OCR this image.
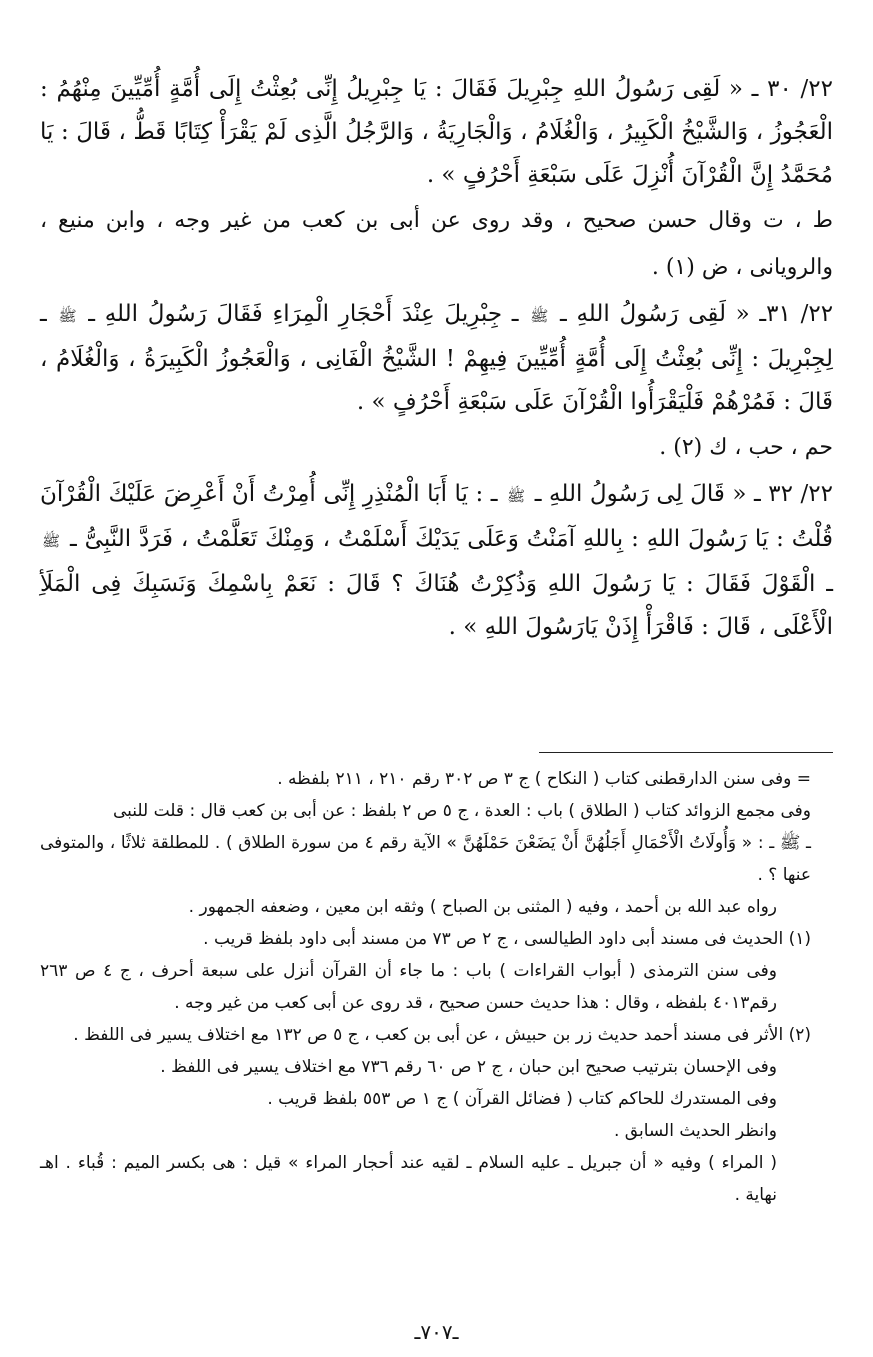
٢٢/ ٣٠ ـ « لَقِى رَسُولُ اللهِ جِبْرِيلَ فَقَالَ : يَا جِبْرِيلُ إِنِّى بُعِثْتُ إِلَى أُمَّةٍ أُمِّيِّينَ مِنْهُمُ : الْعَجُوزُ ، وَالشَّيْخُ الْكَبِيرُ ، وَالْغُلَامُ ، وَالْجَارِيَةُ ، وَالرَّجُلُ الَّذِى لَمْ يَقْرَأْ كِتَابًا قَطُّ ، قَالَ : يَا مُحَمَّدُ إِنَّ الْقُرْآنَ أُنْزِلَ عَلَى سَبْعَةِ أَحْرُفٍ » .

ط ، ت وقال حسن صحيح ، وقد روى عن أبى بن كعب من غير وجه ، وابن منيع ،

والرويانى ، ض (١) .

٢٢/ ٣١ـ « لَقِى رَسُولُ اللهِ ـ ﷺ ـ جِبْرِيلَ عِنْدَ أَحْجَارِ الْمِرَاءِ فَقَالَ رَسُولُ اللهِ ـ ﷺ ـ لِجِبْرِيلَ : إِنِّى بُعِثْتُ إِلَى أُمَّةٍ أُمِّيِّينَ فِيهِمْ ! الشَّيْخُ الْفَانِى ، وَالْعَجُوزُ الْكَبِيرَةُ ، وَالْغُلَامُ ، قَالَ : فَمُرْهُمْ فَلْيَقْرَأُوا الْقُرْآنَ عَلَى سَبْعَةِ أَحْرُفٍ » .

حم ، حب ، ك (٢) .

٢٢/ ٣٢ ـ « قَالَ لِى رَسُولُ اللهِ ـ ﷺ ـ : يَا أَبَا الْمُنْذِرِ إِنِّى أُمِرْتُ أَنْ أَعْرِضَ عَلَيْكَ الْقُرْآنَ قُلْتُ : يَا رَسُولَ اللهِ : بِاللهِ آمَنْتُ وَعَلَى يَدَيْكَ أَسْلَمْتُ ، وَمِنْكَ تَعَلَّمْتُ ، فَرَدَّ النَّبِىُّ ـ ﷺ ـ الْقَوْلَ فَقَالَ : يَا رَسُولَ اللهِ وَذُكِرْتُ هُنَاكَ ؟ قَالَ : نَعَمْ بِاسْمِكَ وَنَسَبِكَ فِى الْمَلَأِ الْأَعْلَى ، قَالَ : فَاقْرَأْ إِذَنْ يَارَسُولَ اللهِ » .

= وفى سنن الدارقطنى كتاب ( النكاح ) ج ٣ ص ٣٠٢ رقم ٢١٠ ، ٢١١ بلفظه .

وفى مجمع الزوائد كتاب ( الطلاق ) باب : العدة ، ج ٥ ص ٢ بلفظ : عن أبى بن كعب قال : قلت للنبى

ـ ﷺ ـ : « وَأُولَاتُ الْأَحْمَالِ أَجَلُهُنَّ أَنْ يَضَعْنَ حَمْلَهُنَّ » الآية رقم ٤ من سورة الطلاق ) . للمطلقة ثلاثًا ، والمتوفى عنها ؟ .

رواه عبد الله بن أحمد ، وفيه ( المثنى بن الصباح ) وثقه ابن معين ، وضعفه الجمهور .

(١) الحديث فى مسند أبى داود الطيالسى ، ج ٢ ص ٧٣ من مسند أبى داود بلفظ قريب .

وفى سنن الترمذى ( أبواب القراءات ) باب : ما جاء أن القرآن أنزل على سبعة أحرف ، ج ٤ ص ٢٦٣ رقم٤٠١٣ بلفظه ، وقال : هذا حديث حسن صحيح ، قد روى عن أبى كعب من غير وجه .

(٢) الأثر فى مسند أحمد حديث زر بن حبيش ، عن أبى بن كعب ، ج ٥ ص ١٣٢ مع اختلاف يسير فى اللفظ .

وفى الإحسان بترتيب صحيح ابن حبان ، ج ٢ ص ٦٠ رقم ٧٣٦ مع اختلاف يسير فى اللفظ .

وفى المستدرك للحاكم كتاب ( فضائل القرآن ) ج ١ ص ٥٥٣ بلفظ قريب .

وانظر الحديث السابق .

( المراء ) وفيه « أن جبريل ـ عليه السلام ـ لقيه عند أحجار المراء » قيل : هى بكسر الميم : قُباء . اهـ نهاية .

ـ٧٠٧ـ
